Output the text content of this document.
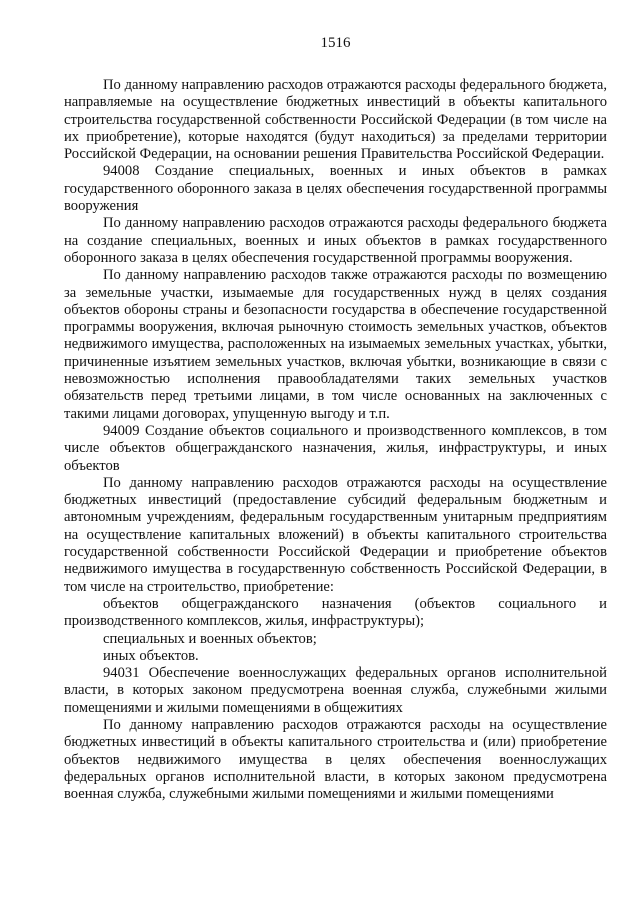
1516

По данному направлению расходов отражаются расходы федерального бюджета, направляемые на осуществление бюджетных инвестиций в объекты капитального строительства государственной собственности Российской Федерации (в том числе на их приобретение), которые находятся (будут находиться) за пределами территории Российской Федерации, на основании решения Правительства Российской Федерации.

94008 Создание специальных, военных и иных объектов в рамках государственного оборонного заказа в целях обеспечения государственной программы вооружения

По данному направлению расходов отражаются расходы федерального бюджета на создание специальных, военных и иных объектов в рамках государственного оборонного заказа в целях обеспечения государственной программы вооружения.

По данному направлению расходов также отражаются расходы по возмещению за земельные участки, изымаемые для государственных нужд в целях создания объектов обороны страны и безопасности государства в обеспечение государственной программы вооружения, включая рыночную стоимость земельных участков, объектов недвижимого имущества, расположенных на изымаемых земельных участках, убытки, причиненные изъятием земельных участков, включая убытки, возникающие в связи с невозможностью исполнения правообладателями таких земельных участков обязательств перед третьими лицами, в том числе основанных на заключенных с такими лицами договорах, упущенную выгоду и т.п.

94009 Создание объектов социального и производственного комплексов, в том числе объектов общегражданского назначения, жилья, инфраструктуры, и иных объектов

По данному направлению расходов отражаются расходы на осуществление бюджетных инвестиций (предоставление субсидий федеральным бюджетным и автономным учреждениям, федеральным государственным унитарным предприятиям на осуществление капитальных вложений) в объекты капитального строительства государственной собственности Российской Федерации и приобретение объектов недвижимого имущества в государственную собственность Российской Федерации, в том числе на строительство, приобретение:

объектов общегражданского назначения (объектов социального и производственного комплексов, жилья, инфраструктуры);

специальных и военных объектов;

иных объектов.

94031 Обеспечение военнослужащих федеральных органов исполнительной власти, в которых законом предусмотрена военная служба, служебными жилыми помещениями и жилыми помещениями в общежитиях

По данному направлению расходов отражаются расходы на осуществление бюджетных инвестиций в объекты капитального строительства и (или) приобретение объектов недвижимого имущества в целях обеспечения военнослужащих федеральных органов исполнительной власти, в которых законом предусмотрена военная служба, служебными жилыми помещениями и жилыми помещениями
